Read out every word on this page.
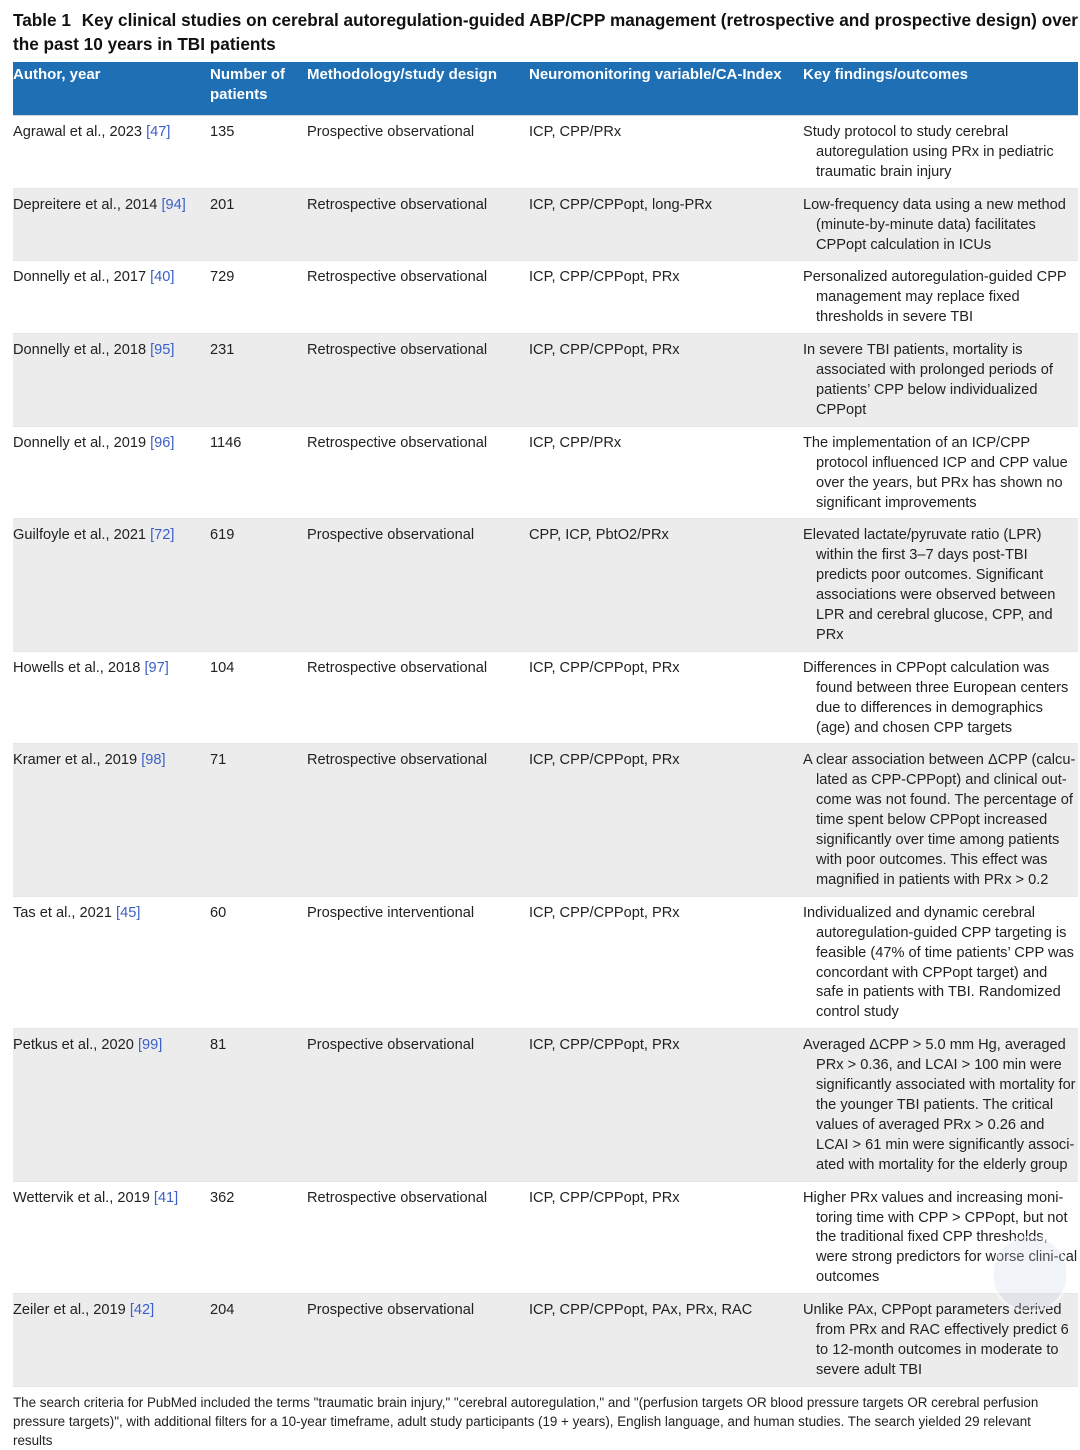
Table 1 Key clinical studies on cerebral autoregulation-guided ABP/CPP management (retrospective and prospective design) over the past 10 years in TBI patients
Author, year	Number of patients	Methodology/study design	Neuromonitoring variable/CA-Index	Key findings/outcomes
Agrawal et al., 2023 [47]	135	Prospective observational	ICP, CPP/PRx	Study protocol to study cerebral autoregulation using PRx in pediatric traumatic brain injury
Depreitere et al., 2014 [94]	201	Retrospective observational	ICP, CPP/CPPopt, long-PRx	Low-frequency data using a new method (minute-by-minute data) facilitates CPPopt calculation in ICUs
Donnelly et al., 2017 [40]	729	Retrospective observational	ICP, CPP/CPPopt, PRx	Personalized autoregulation-guided CPP management may replace fixed thresholds in severe TBI
Donnelly et al., 2018 [95]	231	Retrospective observational	ICP, CPP/CPPopt, PRx	In severe TBI patients, mortality is associated with prolonged periods of patients’ CPP below individualized CPPopt
Donnelly et al., 2019 [96]	1146	Retrospective observational	ICP, CPP/PRx	The implementation of an ICP/CPP protocol influenced ICP and CPP value over the years, but PRx has shown no significant improvements
Guilfoyle et al., 2021 [72]	619	Prospective observational	CPP, ICP, PbtO2/PRx	Elevated lactate/pyruvate ratio (LPR) within the first 3–7 days post-TBI predicts poor outcomes. Significant associations were observed between LPR and cerebral glucose, CPP, and PRx
Howells et al., 2018 [97]	104	Retrospective observational	ICP, CPP/CPPopt, PRx	Differences in CPPopt calculation was found between three European centers due to differences in demographics (age) and chosen CPP targets
Kramer et al., 2019 [98]	71	Retrospective observational	ICP, CPP/CPPopt, PRx	A clear association between ΔCPP (calcu-lated as CPP-CPPopt) and clinical out-come was not found. The percentage of time spent below CPPopt increased significantly over time among patients with poor outcomes. This effect was magnified in patients with PRx > 0.2
Tas et al., 2021 [45]	60	Prospective interventional	ICP, CPP/CPPopt, PRx	Individualized and dynamic cerebral autoregulation-guided CPP targeting is feasible (47% of time patients’ CPP was concordant with CPPopt target) and safe in patients with TBI. Randomized control study
Petkus et al., 2020 [99]	81	Prospective observational	ICP, CPP/CPPopt, PRx	Averaged ΔCPP > 5.0 mm Hg, averaged PRx > 0.36, and LCAI > 100 min were significantly associated with mortality for the younger TBI patients. The critical values of averaged PRx > 0.26 and LCAI > 61 min were significantly associ-ated with mortality for the elderly group
Wettervik et al., 2019 [41]	362	Retrospective observational	ICP, CPP/CPPopt, PRx	Higher PRx values and increasing moni-toring time with CPP > CPPopt, but not the traditional fixed CPP thresholds, were strong predictors for worse clini-cal outcomes
Zeiler et al., 2019 [42]	204	Prospective observational	ICP, CPP/CPPopt, PAx, PRx, RAC	Unlike PAx, CPPopt parameters derived from PRx and RAC effectively predict 6 to 12-month outcomes in moderate to severe adult TBI
The search criteria for PubMed included the terms "traumatic brain injury," "cerebral autoregulation," and "(perfusion targets OR blood pressure targets OR cerebral perfusion pressure targets)", with additional filters for a 10-year timeframe, adult study participants (19 + years), English language, and human studies. The search yielded 29 relevant results
